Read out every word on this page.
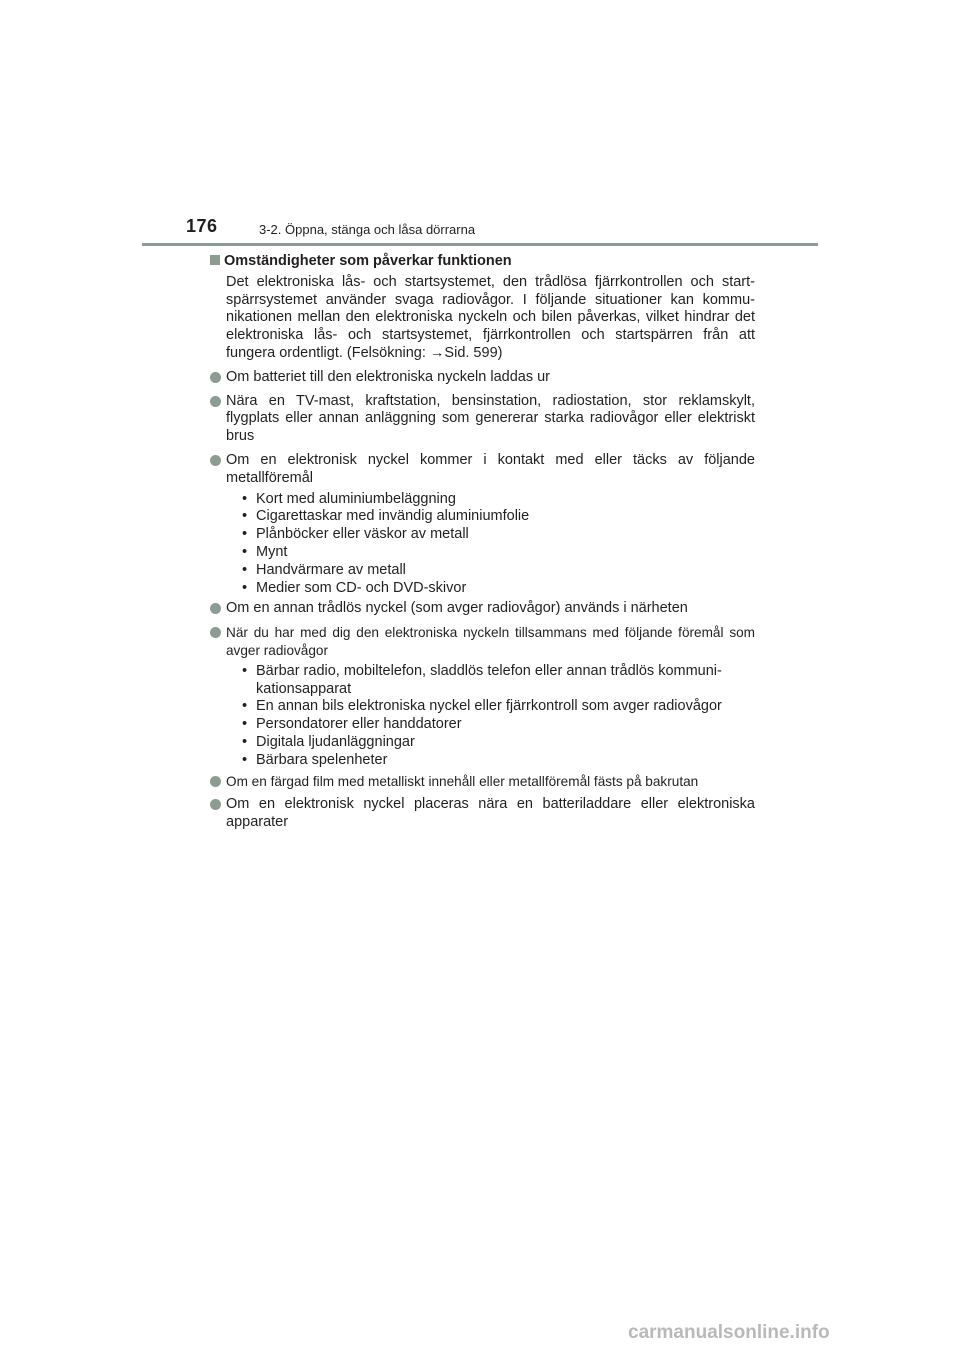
176	3-2. Öppna, stänga och låsa dörrarna
Omständigheter som påverkar funktionen
Det elektroniska lås- och startsystemet, den trådlösa fjärrkontrollen och startspärrsystemet använder svaga radiovågor. I följande situationer kan kommunikationen mellan den elektroniska nyckeln och bilen påverkas, vilket hindrar det elektroniska lås- och startsystemet, fjärrkontrollen och startspärren från att fungera ordentligt. (Felsökning: →Sid. 599)
Om batteriet till den elektroniska nyckeln laddas ur
Nära en TV-mast, kraftstation, bensinstation, radiostation, stor reklamskylt, flygplats eller annan anläggning som genererar starka radiovågor eller elektriskt brus
Om en elektronisk nyckel kommer i kontakt med eller täcks av följande metallföremål
• Kort med aluminiumbeläggning
• Cigarettaskar med invändig aluminiumfolie
• Plånböcker eller väskor av metall
• Mynt
• Handvärmare av metall
• Medier som CD- och DVD-skivor
Om en annan trådlös nyckel (som avger radiovågor) används i närheten
När du har med dig den elektroniska nyckeln tillsammans med följande föremål som avger radiovågor
• Bärbar radio, mobiltelefon, sladdlös telefon eller annan trådlös kommunikationsapparat
• En annan bils elektroniska nyckel eller fjärrkontroll som avger radiovågor
• Persondatorer eller handdatorer
• Digitala ljudanläggningar
• Bärbara spelenheter
Om en färgad film med metalliskt innehåll eller metallföremål fästs på bakrutan
Om en elektronisk nyckel placeras nära en batteriladdare eller elektroniska apparater
carmanualsonline.info
